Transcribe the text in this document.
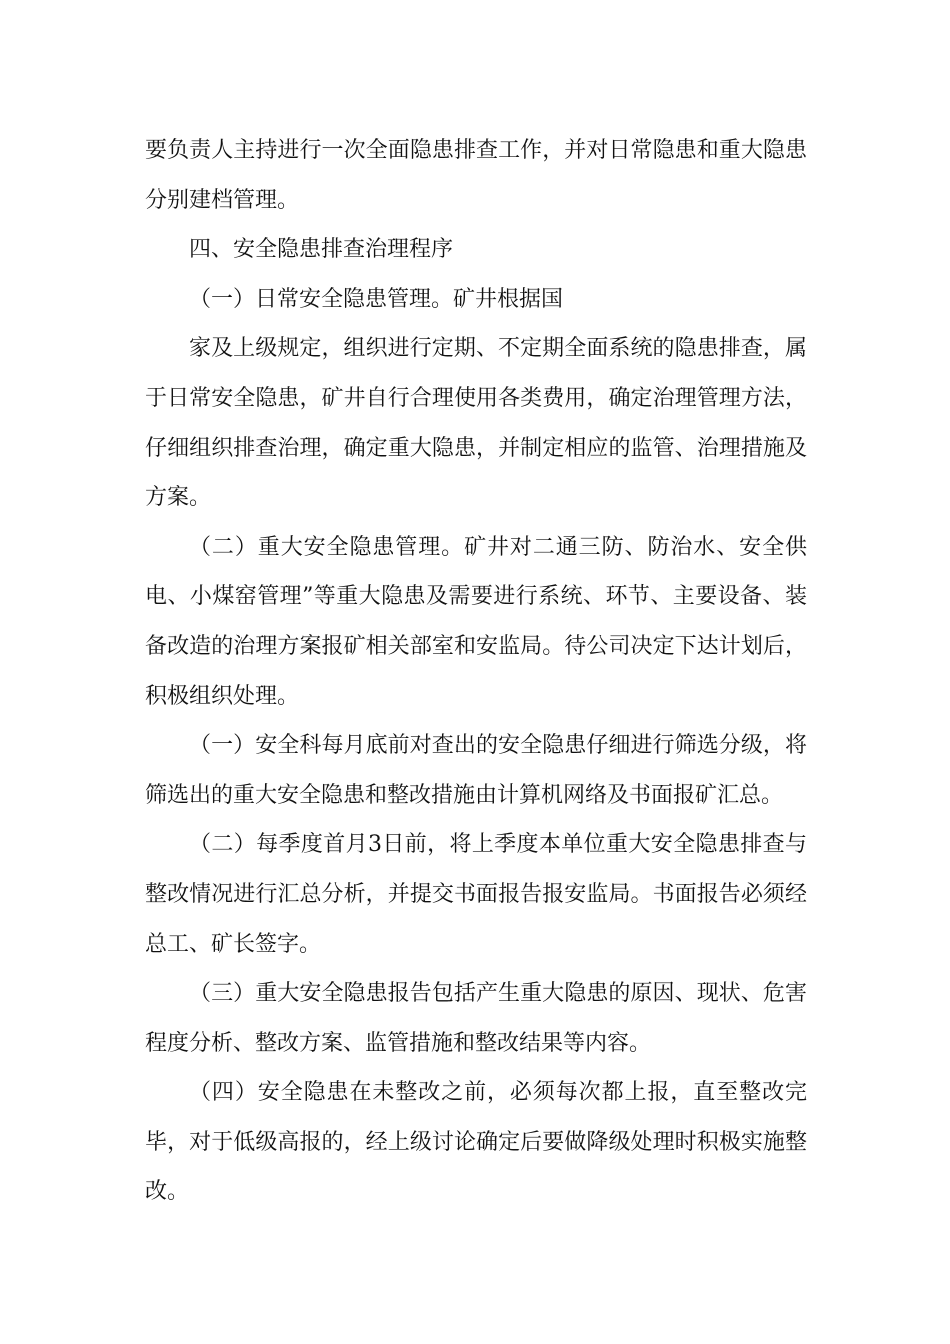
要负责人主持进行一次全面隐患排查工作，并对日常隐患和重大隐患分别建档管理。

四、安全隐患排查治理程序

（一）日常安全隐患管理。矿井根据国

家及上级规定，组织进行定期、不定期全面系统的隐患排查，属于日常安全隐患，矿井自行合理使用各类费用，确定治理管理方法，仔细组织排查治理，确定重大隐患，并制定相应的监管、治理措施及方案。

（二）重大安全隐患管理。矿井对二通三防、防治水、安全供电、小煤窑管理”等重大隐患及需要进行系统、环节、主要设备、装备改造的治理方案报矿相关部室和安监局。待公司决定下达计划后，积极组织处理。

（一）安全科每月底前对查出的安全隐患仔细进行筛选分级，将筛选出的重大安全隐患和整改措施由计算机网络及书面报矿汇总。

（二）每季度首月3日前，将上季度本单位重大安全隐患排查与整改情况进行汇总分析，并提交书面报告报安监局。书面报告必须经总工、矿长签字。

（三）重大安全隐患报告包括产生重大隐患的原因、现状、危害程度分析、整改方案、监管措施和整改结果等内容。

（四）安全隐患在未整改之前，必须每次都上报，直至整改完毕，对于低级高报的，经上级讨论确定后要做降级处理时积极实施整改。
